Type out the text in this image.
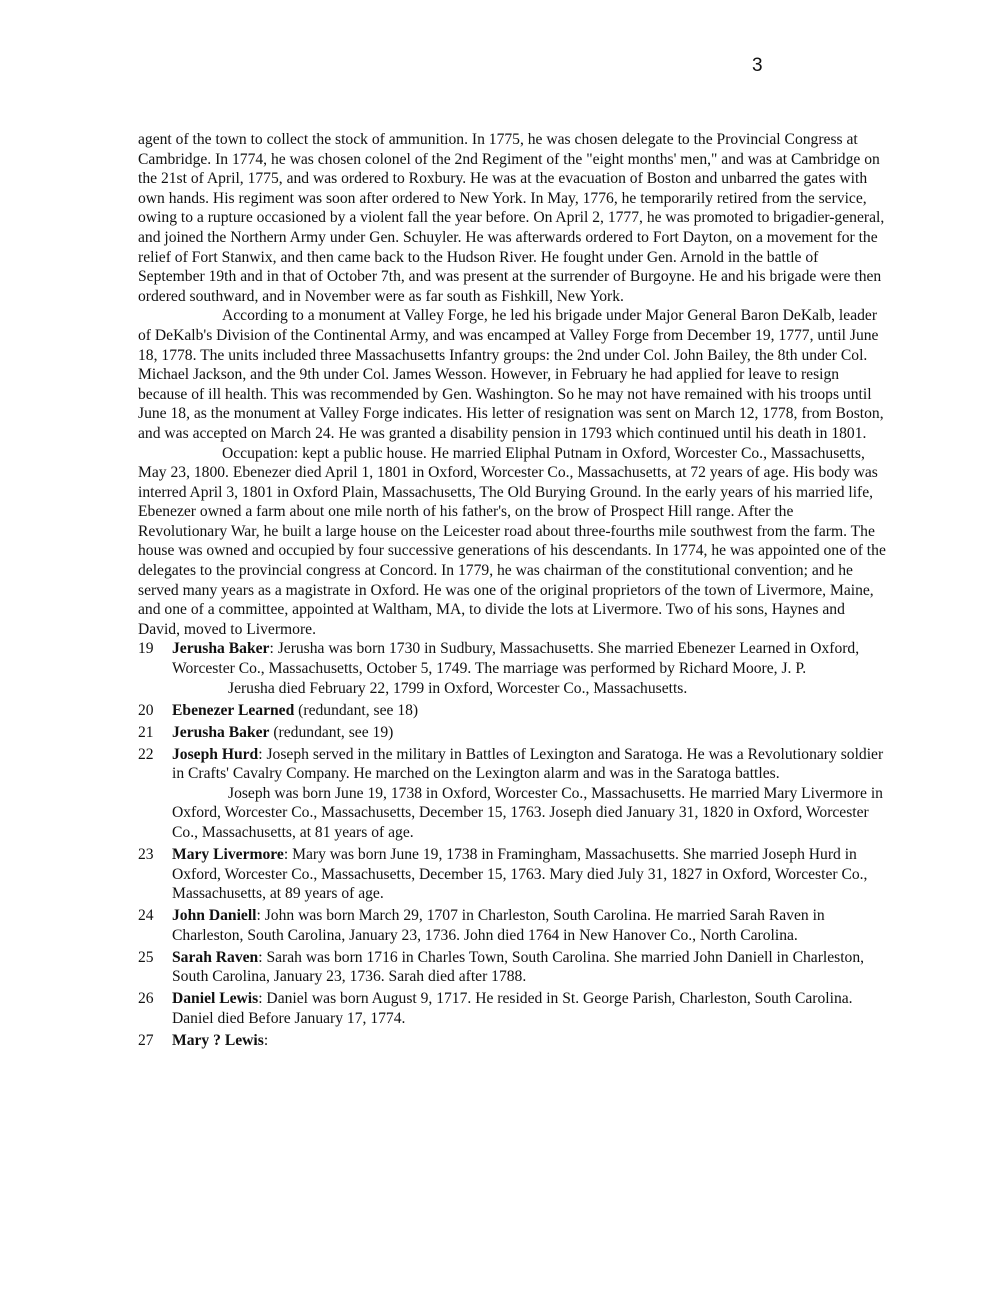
3

agent of the town to collect the stock of ammunition. In 1775, he was chosen delegate to the Provincial Congress at Cambridge. In 1774, he was chosen colonel of the 2nd Regiment of the "eight months' men," and was at Cambridge on the 21st of April, 1775, and was ordered to Roxbury. He was at the evacuation of Boston and unbarred the gates with own hands. His regiment was soon after ordered to New York. In May, 1776, he temporarily retired from the service, owing to a rupture occasioned by a violent fall the year before. On April 2, 1777, he was promoted to brigadier-general, and joined the Northern Army under Gen. Schuyler. He was afterwards ordered to Fort Dayton, on a movement for the relief of Fort Stanwix, and then came back to the Hudson River. He fought under Gen. Arnold in the battle of September 19th and in that of October 7th, and was present at the surrender of Burgoyne. He and his brigade were then ordered southward, and in November were as far south as Fishkill, New York.

According to a monument at Valley Forge, he led his brigade under Major General Baron DeKalb, leader of DeKalb's Division of the Continental Army, and was encamped at Valley Forge from December 19, 1777, until June 18, 1778. The units included three Massachusetts Infantry groups: the 2nd under Col. John Bailey, the 8th under Col. Michael Jackson, and the 9th under Col. James Wesson. However, in February he had applied for leave to resign because of ill health. This was recommended by Gen. Washington. So he may not have remained with his troops until June 18, as the monument at Valley Forge indicates. His letter of resignation was sent on March 12, 1778, from Boston, and was accepted on March 24. He was granted a disability pension in 1793 which continued until his death in 1801.

Occupation: kept a public house. He married Eliphal Putnam in Oxford, Worcester Co., Massachusetts, May 23, 1800. Ebenezer died April 1, 1801 in Oxford, Worcester Co., Massachusetts, at 72 years of age. His body was interred April 3, 1801 in Oxford Plain, Massachusetts, The Old Burying Ground. In the early years of his married life, Ebenezer owned a farm about one mile north of his father's, on the brow of Prospect Hill range. After the Revolutionary War, he built a large house on the Leicester road about three-fourths mile southwest from the farm. The house was owned and occupied by four successive generations of his descendants. In 1774, he was appointed one of the delegates to the provincial congress at Concord. In 1779, he was chairman of the constitutional convention; and he served many years as a magistrate in Oxford. He was one of the original proprietors of the town of Livermore, Maine, and one of a committee, appointed at Waltham, MA, to divide the lots at Livermore. Two of his sons, Haynes and David, moved to Livermore.

19 Jerusha Baker: Jerusha was born 1730 in Sudbury, Massachusetts. She married Ebenezer Learned in Oxford, Worcester Co., Massachusetts, October 5, 1749. The marriage was performed by Richard Moore, J. P.

Jerusha died February 22, 1799 in Oxford, Worcester Co., Massachusetts.

20 Ebenezer Learned (redundant, see 18)

21 Jerusha Baker (redundant, see 19)

22 Joseph Hurd: Joseph served in the military in Battles of Lexington and Saratoga. He was a Revolutionary soldier in Crafts' Cavalry Company. He marched on the Lexington alarm and was in the Saratoga battles.

Joseph was born June 19, 1738 in Oxford, Worcester Co., Massachusetts. He married Mary Livermore in Oxford, Worcester Co., Massachusetts, December 15, 1763. Joseph died January 31, 1820 in Oxford, Worcester Co., Massachusetts, at 81 years of age.

23 Mary Livermore: Mary was born June 19, 1738 in Framingham, Massachusetts. She married Joseph Hurd in Oxford, Worcester Co., Massachusetts, December 15, 1763. Mary died July 31, 1827 in Oxford, Worcester Co., Massachusetts, at 89 years of age.

24 John Daniell: John was born March 29, 1707 in Charleston, South Carolina. He married Sarah Raven in Charleston, South Carolina, January 23, 1736. John died 1764 in New Hanover Co., North Carolina.

25 Sarah Raven: Sarah was born 1716 in Charles Town, South Carolina. She married John Daniell in Charleston, South Carolina, January 23, 1736. Sarah died after 1788.

26 Daniel Lewis: Daniel was born August 9, 1717. He resided in St. George Parish, Charleston, South Carolina. Daniel died Before January 17, 1774.

27 Mary ? Lewis:
